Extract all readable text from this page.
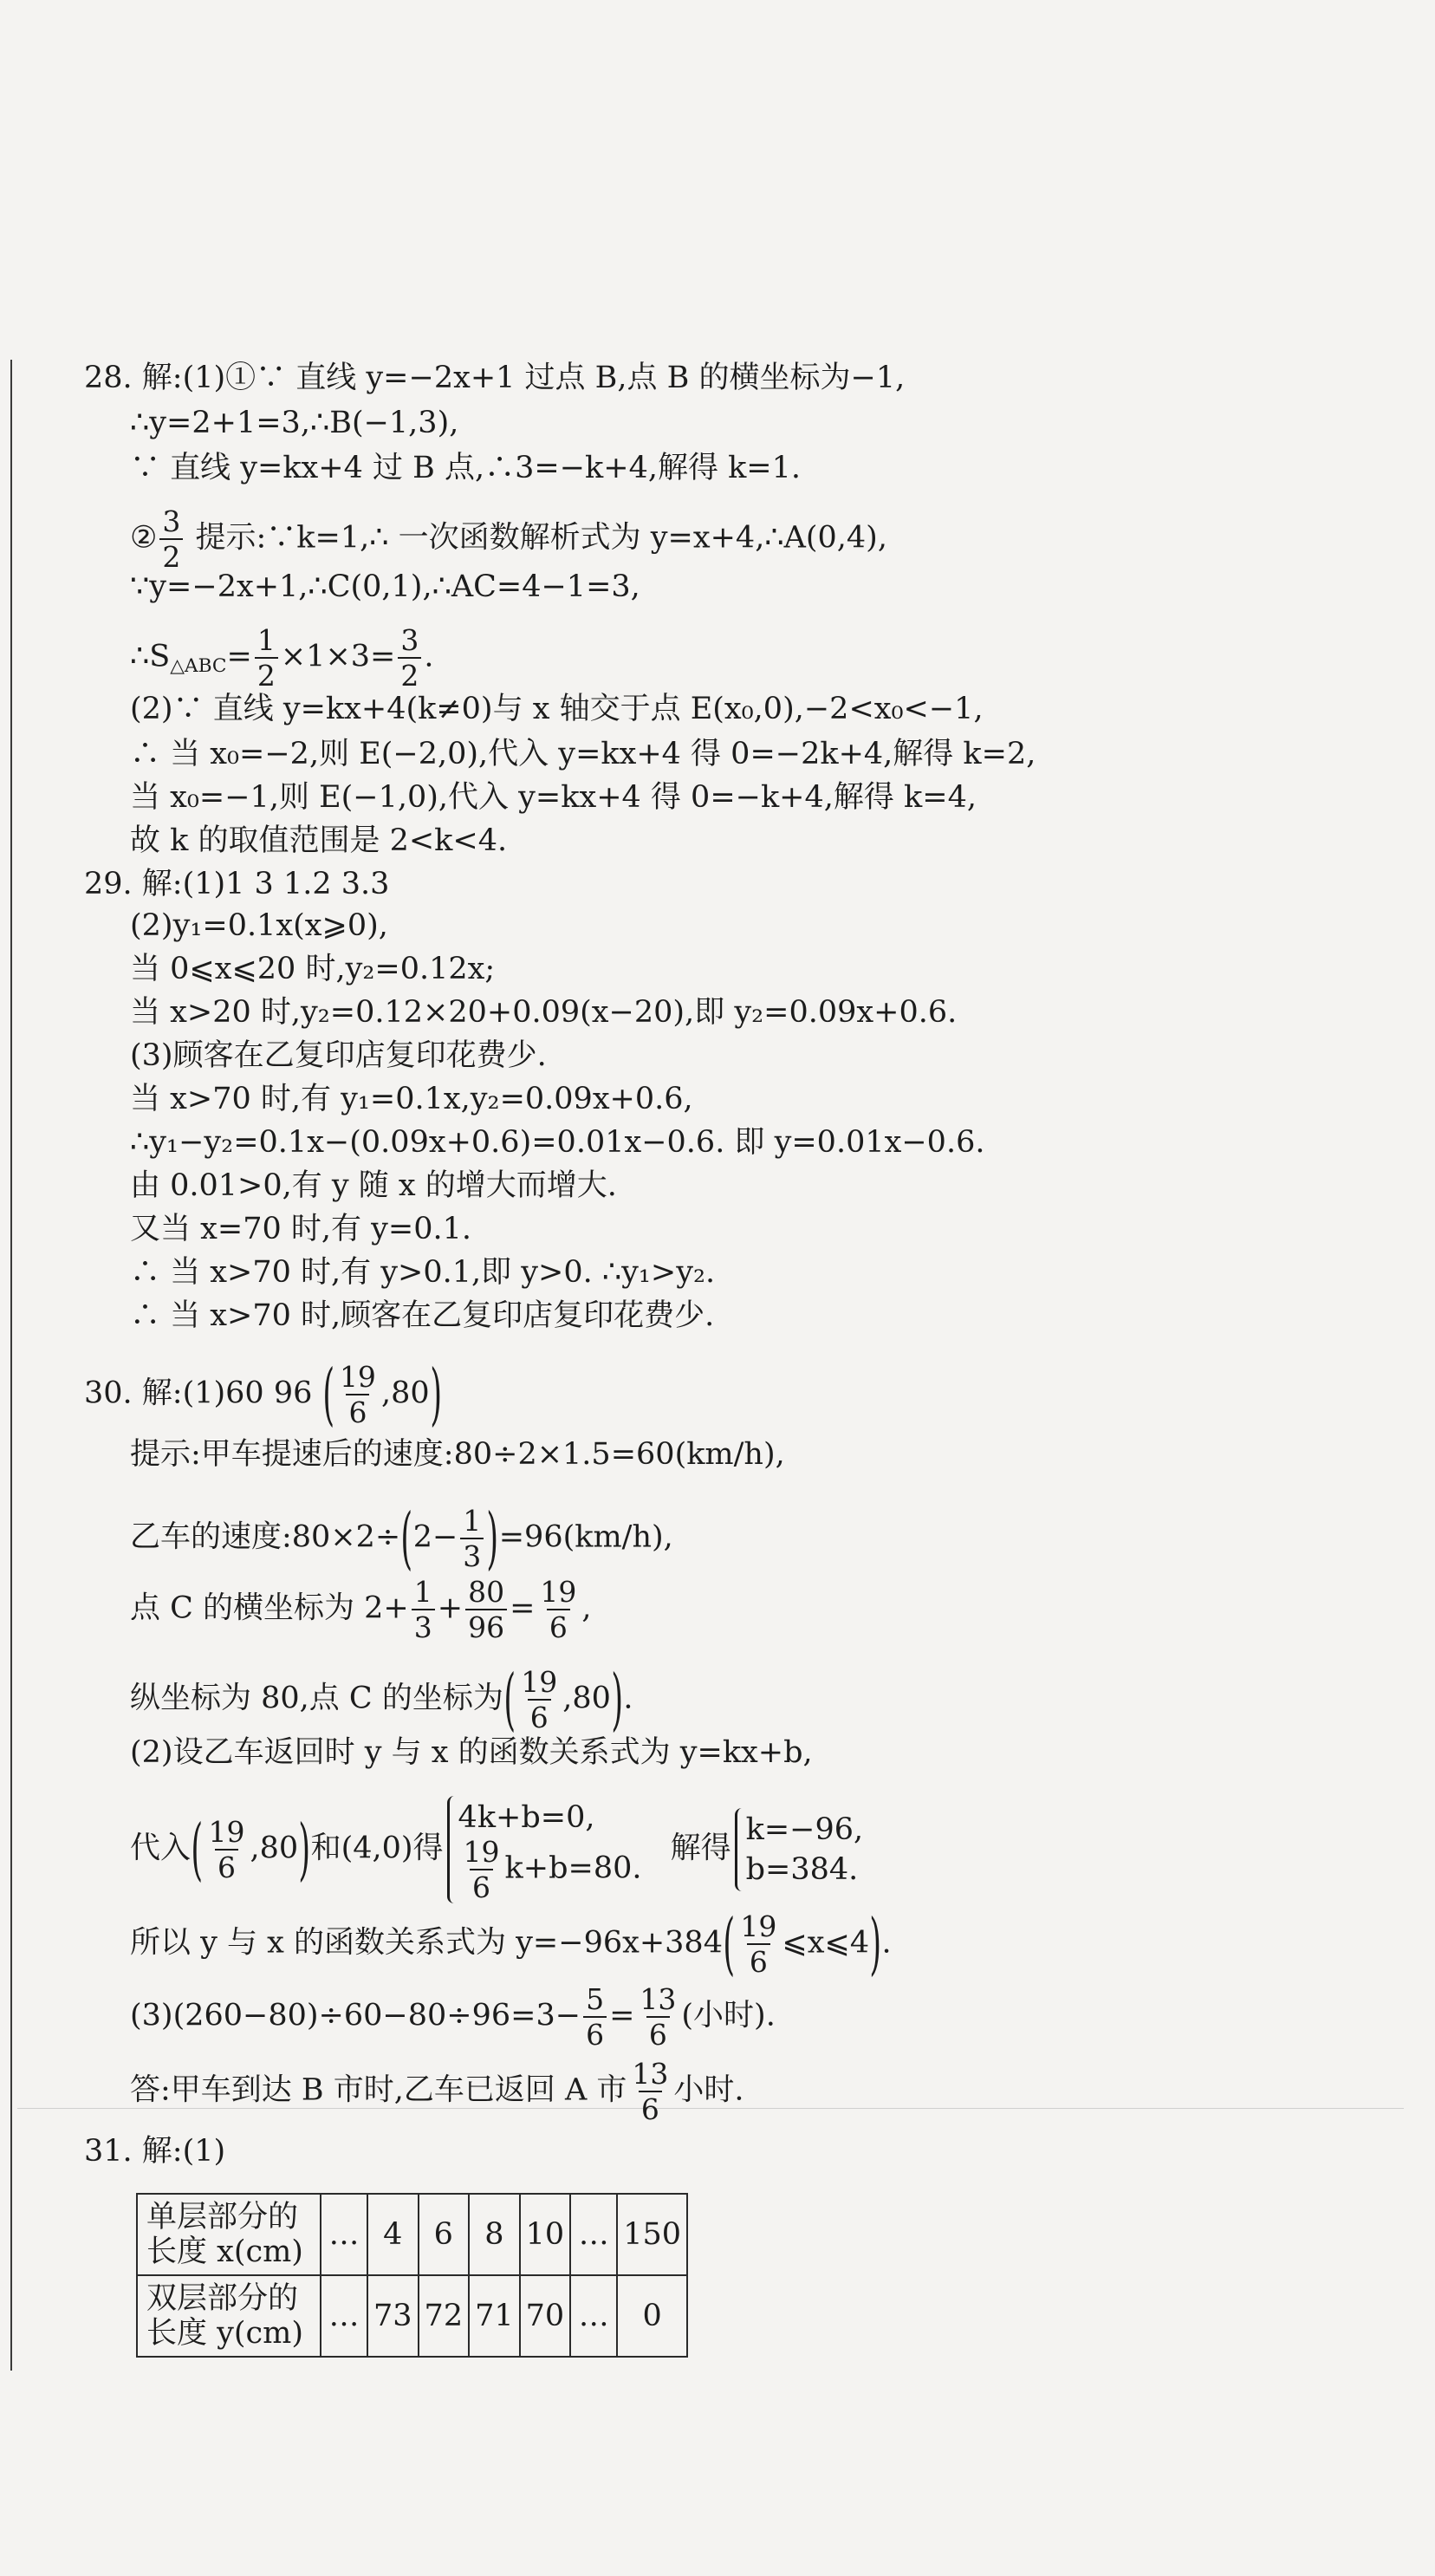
28. 解:(1)①∵ 直线 y=−2x+1 过点 B,点 B 的横坐标为−1,
∴y=2+1=3,∴B(−1,3),
∵ 直线 y=kx+4 过 B 点,∴3=−k+4,解得 k=1.
② $\frac{3}{2}$ 提示:∵k=1,∴ 一次函数解析式为 y=x+4,∴A(0,4),
∵y=−2x+1,∴C(0,1),∴AC=4−1=3,
$\therefore S_{\triangle ABC}= \frac{1}{2} \times 1\times 3= \frac{3}{2}$ .
(2)∵ 直线 y=kx+4(k≠0)与 x 轴交于点 E(x₀,0),−2<x₀<−1,
∴ 当 x₀=−2,则 E(−2,0),代入 y=kx+4 得 0=−2k+4,解得 k=2,
当 x₀=−1,则 E(−1,0),代入 y=kx+4 得 0=−k+4,解得 k=4,
故 k 的取值范围是 2<k<4.
29. 解:(1)1 3 1.2 3.3
(2)y₁=0.1x(x⩾0),
当 0⩽x⩽20 时,y₂=0.12x;
当 x>20 时,y₂=0.12×20+0.09(x−20),即 y₂=0.09x+0.6.
(3)顾客在乙复印店复印花费少.
当 x>70 时,有 y₁=0.1x,y₂=0.09x+0.6,
∴y₁−y₂=0.1x−(0.09x+0.6)=0.01x−0.6. 即 y=0.01x−0.6.
由 0.01>0,有 y 随 x 的增大而增大.
又当 x=70 时,有 y=0.1.
∴ 当 x>70 时,有 y>0.1,即 y>0. ∴y₁>y₂.
∴ 当 x>70 时,顾客在乙复印店复印花费少.
30. 解:(1)60 96 ( $\frac{19}{6} ,80$)
提示:甲车提速后的速度:80÷2×1.5=60(km/h),
乙车的速度:80×2÷(2− $\frac{1}{3} )=96(km/h)$,
点 C 的横坐标为 $2+ \frac{1}{3} + \frac{80}{96} = \frac{19}{6}$ ,
纵坐标为 80,点 C 的坐标为( $\frac{19}{6} ,80$).
(2)设乙车返回时 y 与 x 的函数关系式为 y=kx+b,
代入( $\frac{19}{6} ,80$)和(4,0)得
4k+b=0,
$\frac{19}{6} k+b=80$.
解得
k=−96,
b=384.
所以 y 与 x 的函数关系式为 $y=-96x+384( \frac{19}{6}$ ⩽x⩽4).
$(3)(260-80)\div 60-80\div 96=3- \frac{5}{6} = \frac{13}{6}$ (小时).
答:甲车到达 B 市时,乙车已返回 A 市 $\frac{13}{6}$ 小时.
31. 解:(1)
单层部分的
长度 x(cm)	…	4	6	8	10	…	150
双层部分的
长度 y(cm)	…	73	72	71	70	…	0
